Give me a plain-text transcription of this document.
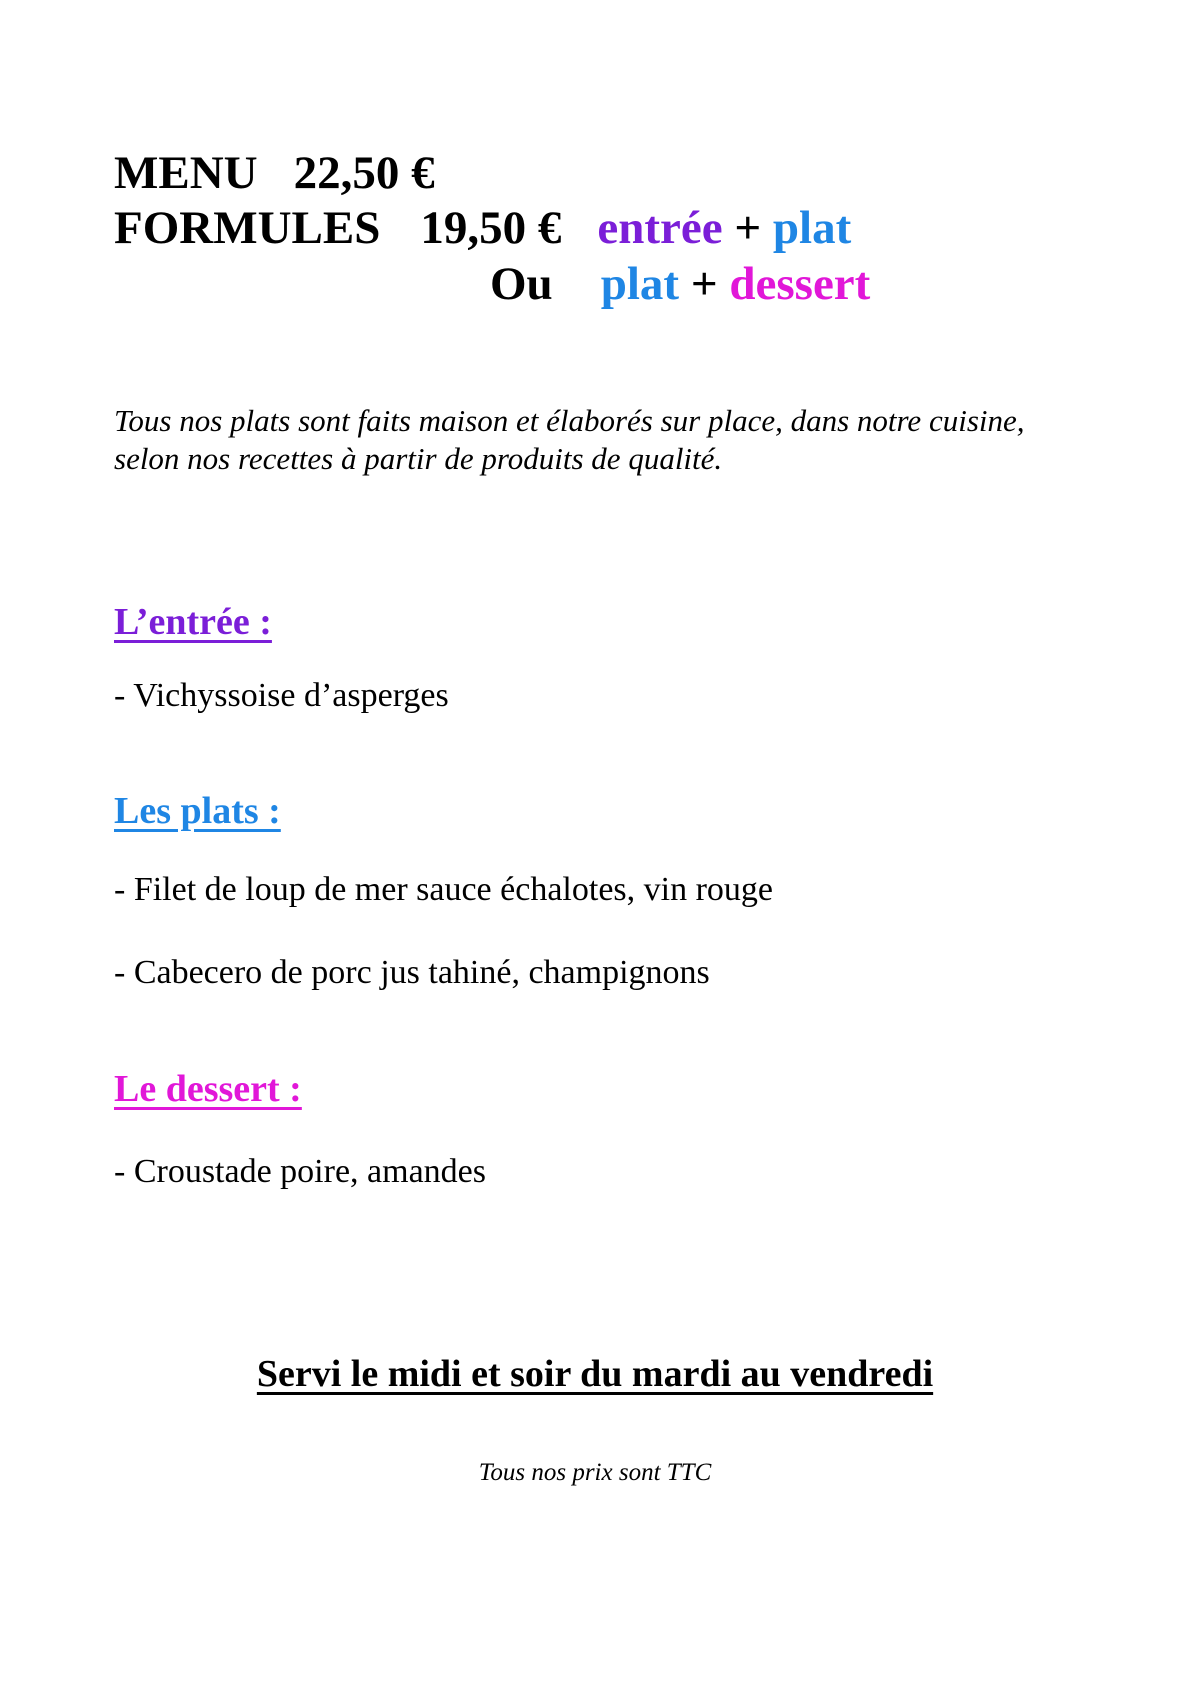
MENU 22,50 €
FORMULES 19,50 € entrée + plat
Ou plat + dessert
Tous nos plats sont faits maison et élaborés sur place, dans notre cuisine,
selon nos recettes à partir de produits de qualité.
L’entrée :
- Vichyssoise d’asperges
Les plats :
- Filet de loup de mer sauce échalotes, vin rouge
- Cabecero de porc jus tahiné, champignons
Le dessert :
- Croustade poire, amandes
Servi le midi et soir du mardi au vendredi
Tous nos prix sont TTC
